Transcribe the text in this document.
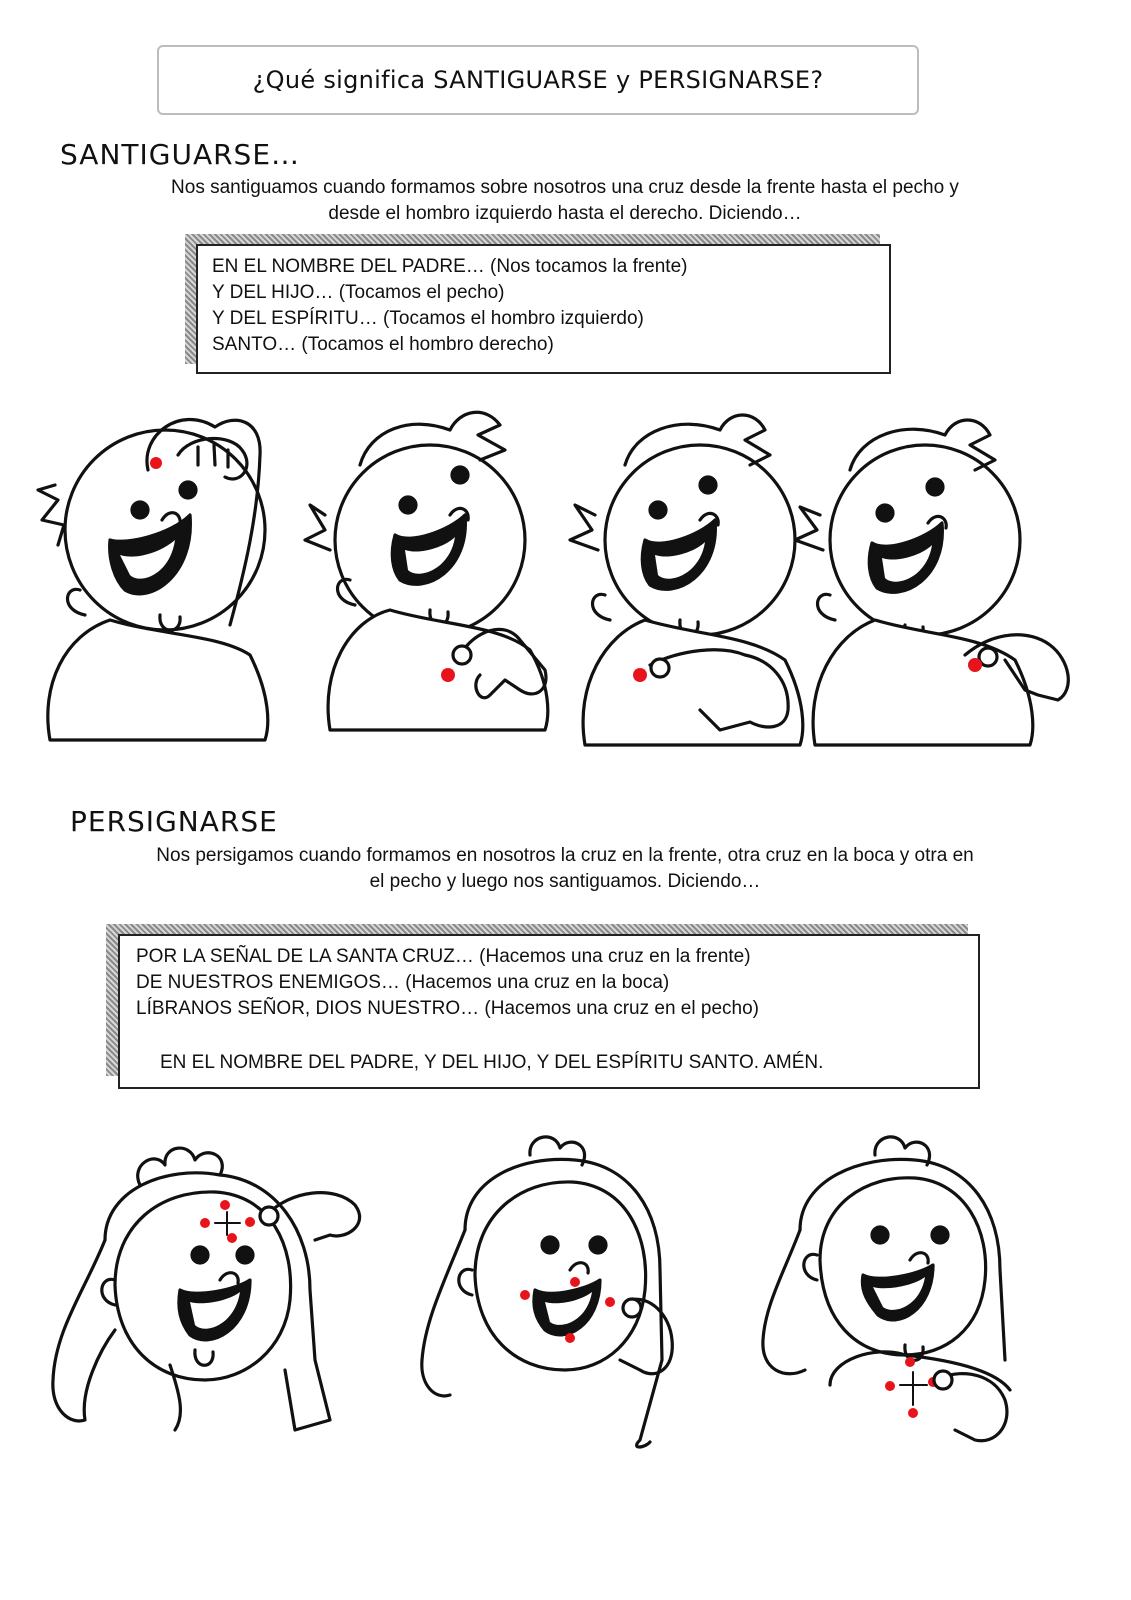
¿Qué significa SANTIGUARSE y PERSIGNARSE?
SANTIGUARSE…
Nos santiguamos cuando formamos sobre nosotros una cruz desde la frente hasta el pecho y
desde el hombro izquierdo hasta el derecho. Diciendo…
EN EL NOMBRE DEL PADRE… (Nos tocamos la frente)
Y DEL HIJO… (Tocamos el pecho)
Y DEL ESPÍRITU… (Tocamos el hombro izquierdo)
SANTO… (Tocamos el hombro derecho)
PERSIGNARSE
Nos persigamos cuando formamos en nosotros la cruz en la frente, otra cruz en la boca y otra en
el pecho y luego nos santiguamos. Diciendo…
POR LA SEÑAL DE LA SANTA CRUZ… (Hacemos una cruz en la frente)
DE NUESTROS ENEMIGOS… (Hacemos una cruz en la boca)
LÍBRANOS SEÑOR, DIOS NUESTRO… (Hacemos una cruz en el pecho)
EN EL NOMBRE DEL PADRE, Y DEL HIJO, Y DEL ESPÍRITU SANTO. AMÉN.
